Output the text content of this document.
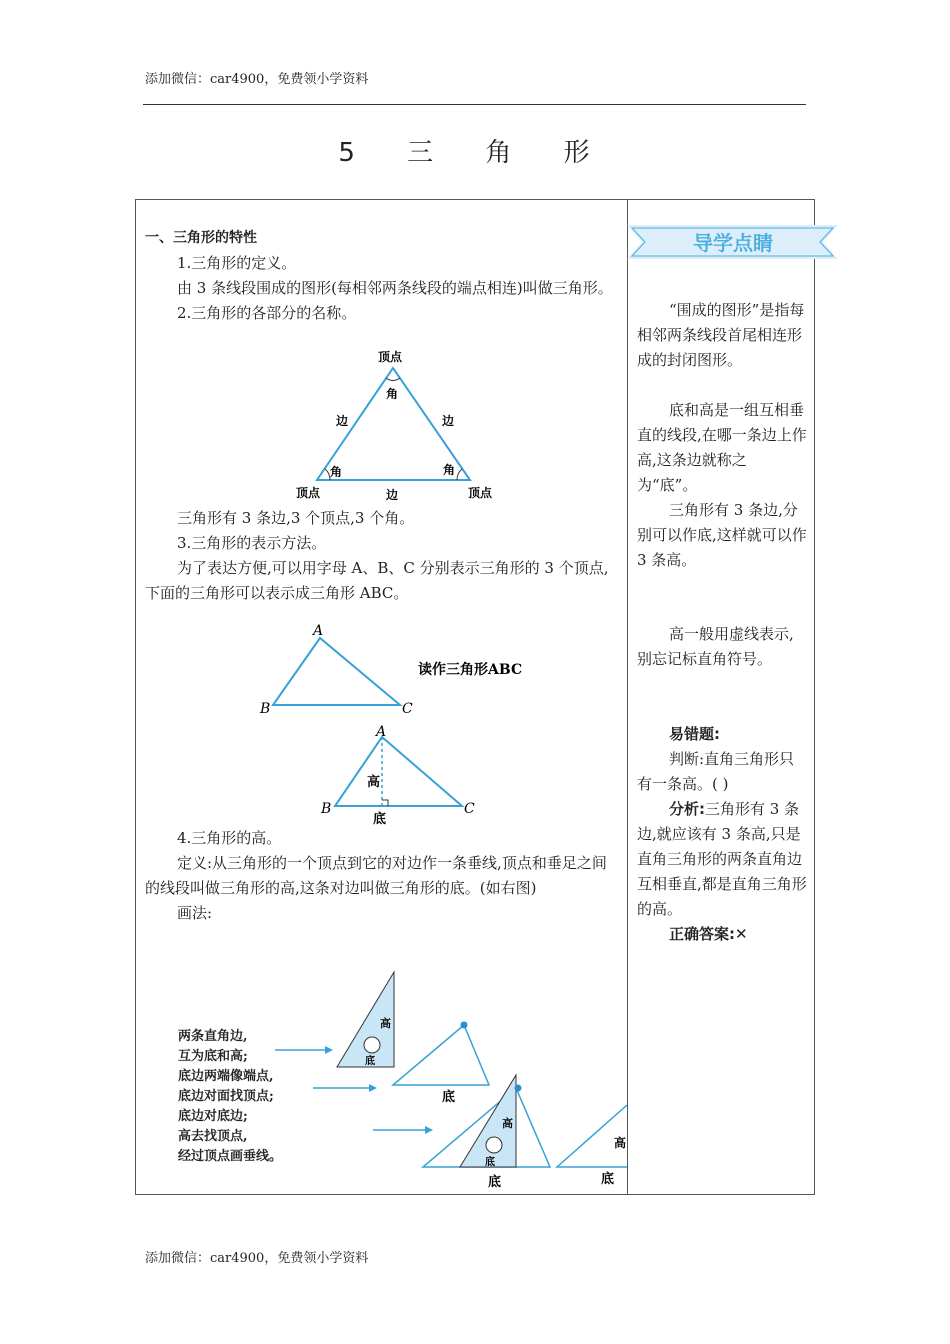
添加微信：car4900，免费领小学资料
5 三 角 形

一、三角形的特性

1.三角形的定义。

由 3 条线段围成的图形(每相邻两条线段的端点相连)叫做三角形。

2.三角形的各部分的名称。

三角形有 3 条边,3 个顶点,3 个角。

3.三角形的表示方法。

为了表达方便,可以用字母 A、B、C 分别表示三角形的 3 个顶点,下面的三角形可以表示成三角形 ABC。

4.三角形的高。

定义:从三角形的一个顶点到它的对边作一条垂线,顶点和垂足之间的线段叫做三角形的高,这条对边叫做三角形的底。(如右图)

画法:

顶点
角
边	边
角	角
顶点	边	顶点
A
B	C
读作三角形ABC
A
B	C
高
底
两条直角边,
互为底和高;
底边两端像端点,
底边对面找顶点;
底边对底边;
高去找顶点,
经过顶点画垂线。
高
底
底
高
底
底
高
底
导学点睛

“围成的图形”是指每相邻两条线段首尾相连形成的封闭图形。

底和高是一组互相垂直的线段,在哪一条边上作高,这条边就称之为“底”。

三角形有 3 条边,分别可以作底,这样就可以作 3 条高。

高一般用虚线表示,别忘记标直角符号。

易错题:

判断:直角三角形只有一条高。( )

分析:三角形有 3 条边,就应该有 3 条高,只是直角三角形的两条直角边互相垂直,都是直角三角形的高。

正确答案:✕

添加微信：car4900，免费领小学资料
